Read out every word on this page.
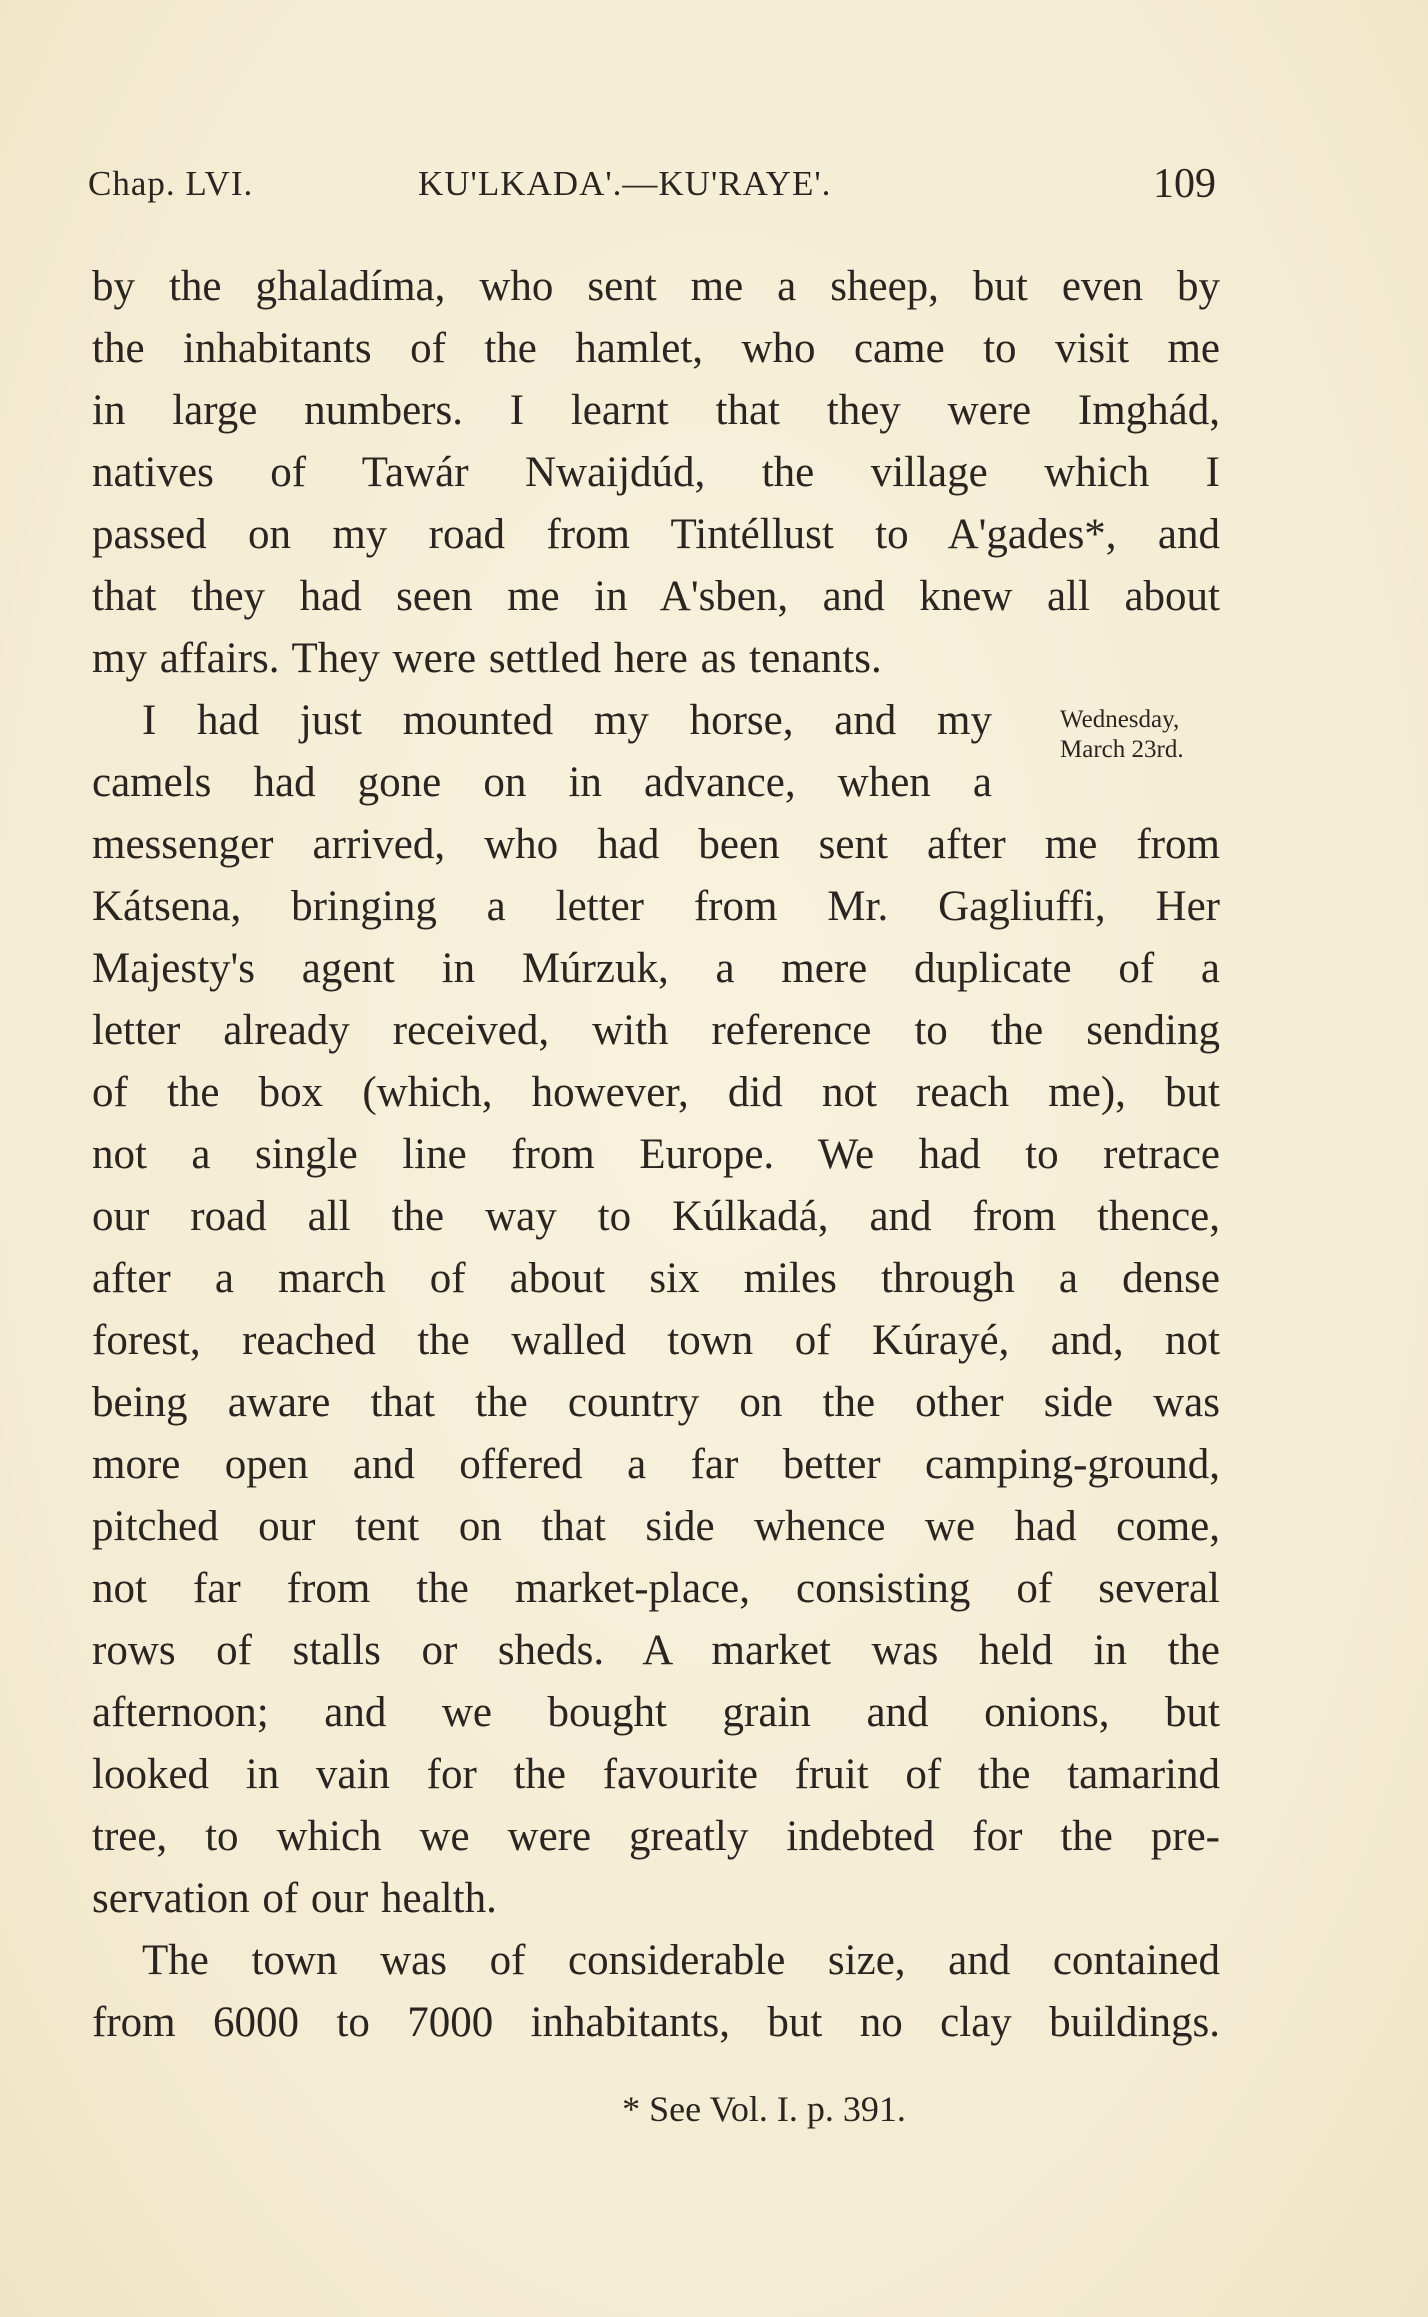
Chap. LVI.	KU'LKADA'.—KU'RAYE'.	109
by the ghaladíma, who sent me a sheep, but even by
the inhabitants of the hamlet, who came to visit me
in large numbers. I learnt that they were Imghád,
natives of Tawár Nwaijdúd, the village which I
passed on my road from Tintéllust to A'gades*, and
that they had seen me in A'sben, and knew all about
my affairs. They were settled here as tenants.
I had just mounted my horse, and my
camels had gone on in advance, when a
messenger arrived, who had been sent after me from
Kátsena, bringing a letter from Mr. Gagliuffi, Her
Majesty's agent in Múrzuk, a mere duplicate of a
letter already received, with reference to the sending
of the box (which, however, did not reach me), but
not a single line from Europe. We had to retrace
our road all the way to Kúlkadá, and from thence,
after a march of about six miles through a dense
forest, reached the walled town of Kúrayé, and, not
being aware that the country on the other side was
more open and offered a far better camping-ground,
pitched our tent on that side whence we had come,
not far from the market-place, consisting of several
rows of stalls or sheds. A market was held in the
afternoon; and we bought grain and onions, but
looked in vain for the favourite fruit of the tamarind
tree, to which we were greatly indebted for the pre-
servation of our health.
The town was of considerable size, and contained
from 6000 to 7000 inhabitants, but no clay buildings.
Wednesday,
March 23rd.
* See Vol. I. p. 391.
